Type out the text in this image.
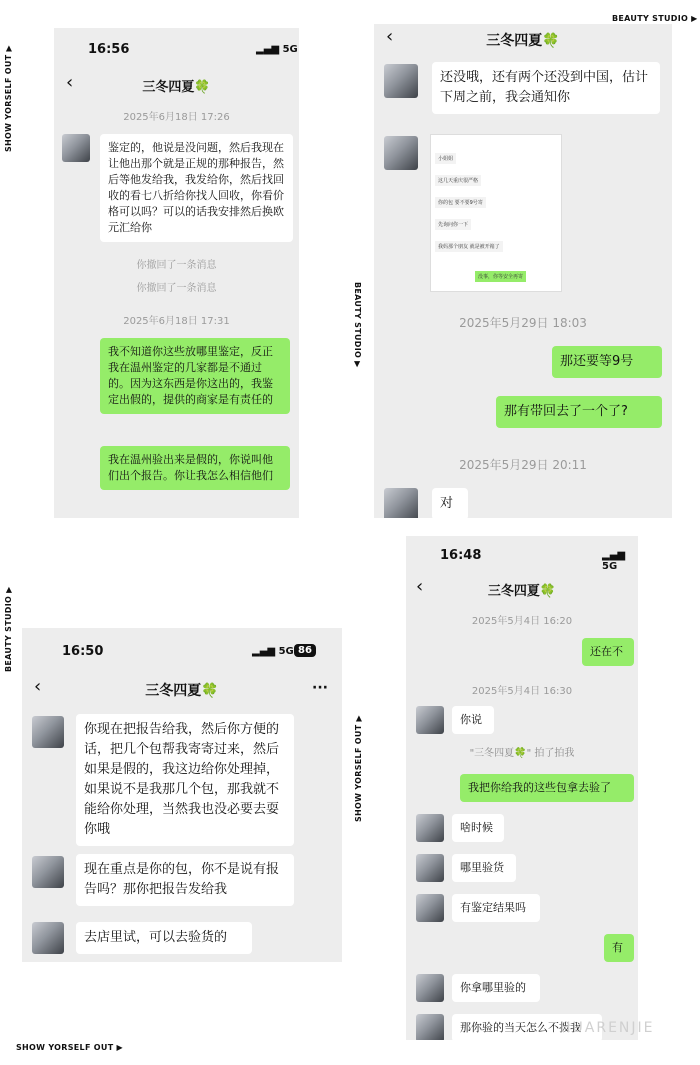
BEAUTY STUDIO ▶
SHOW YORSELF OUT ▶
BEAUTY STUDIO ▶
BEAUTY STUDIO ▶
SHOW YORSELF OUT ▶
SHOW YORSELF OUT ▶
16:56	▂▄▆ 5G
‹	三冬四夏🍀
2025年6月18日 17:26
鉴定的，他说是没问题，然后我现在让他出那个就是正规的那种报告，然后等他发给我，我发给你，然后找回收的看七八折给你找人回收，你看价格可以吗？可以的话我安排然后换欧元汇给你
你撤回了一条消息
你撤回了一条消息
2025年6月18日 17:31
我不知道你这些放哪里鉴定，反正我在温州鉴定的几家都是不通过的。因为这东西是你这出的，我鉴定出假的，提供的商家是有责任的
我在温州验出来是假的，你说叫他们出个报告。你让我怎么相信他们
‹	三冬四夏🍀
还没哦，还有两个还没到中国，估计下周之前，我会通知你
小姐姐
这几天重庆很严格
你的包 要不要9号寄
先询问你一下
我妈那个朋友 就是被开箱了
没事，你等安全再寄
2025年5月29日 18:03
那还要等9号
那有带回去了一个了?
2025年5月29日 20:11
对
16:50	▂▄▆ 5G 86
‹	三冬四夏🍀	···
你现在把报告给我，然后你方便的话，把几个包帮我寄寄过来，然后如果是假的，我这边给你处理掉，如果说不是我那几个包，那我就不能给你处理，当然我也没必要去耍你哦
现在重点是你的包，你不是说有报告吗？那你把报告发给我
去店里试，可以去验货的
16:48	▂▄▆ 5G
‹	三冬四夏🍀
2025年5月4日 16:20
还在不
2025年5月4日 16:30
你说
"三冬四夏🍀" 拍了拍我
我把你给我的这些包拿去验了
啥时候
哪里验货
有鉴定结果吗
有
你拿哪里验的
那你验的当天怎么不拨我
HUARENJIE
